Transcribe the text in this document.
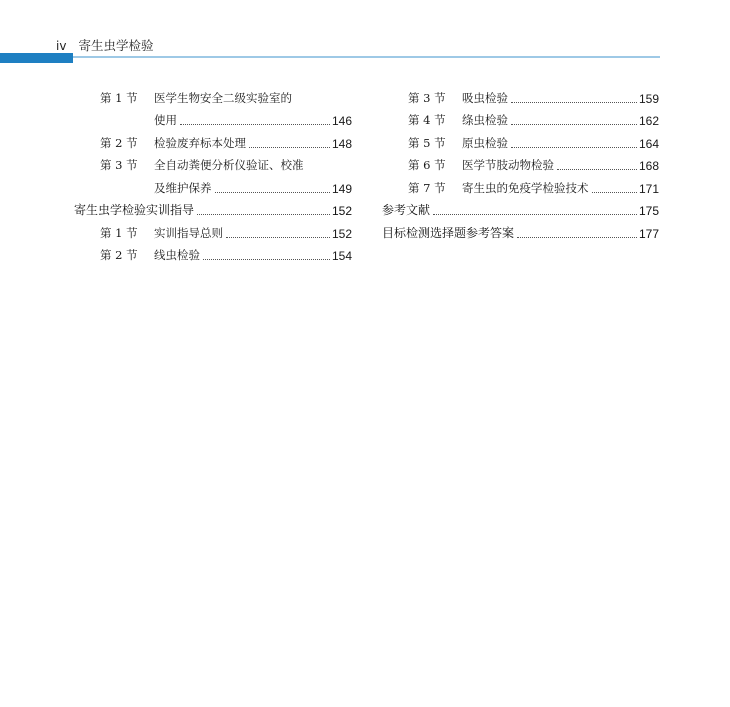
iv 寄生虫学检验
第 1 节	医学生物安全二级实验室的
使用	146
第 2 节	检验废弃标本处理	148
第 3 节	全自动粪便分析仪验证、校准
及维护保养	149
寄生虫学检验实训指导	152
第 1 节	实训指导总则	152
第 2 节	线虫检验	154
第 3 节	吸虫检验	159
第 4 节	绦虫检验	162
第 5 节	原虫检验	164
第 6 节	医学节肢动物检验	168
第 7 节	寄生虫的免疫学检验技术	171
参考文献	175
目标检测选择题参考答案	177
